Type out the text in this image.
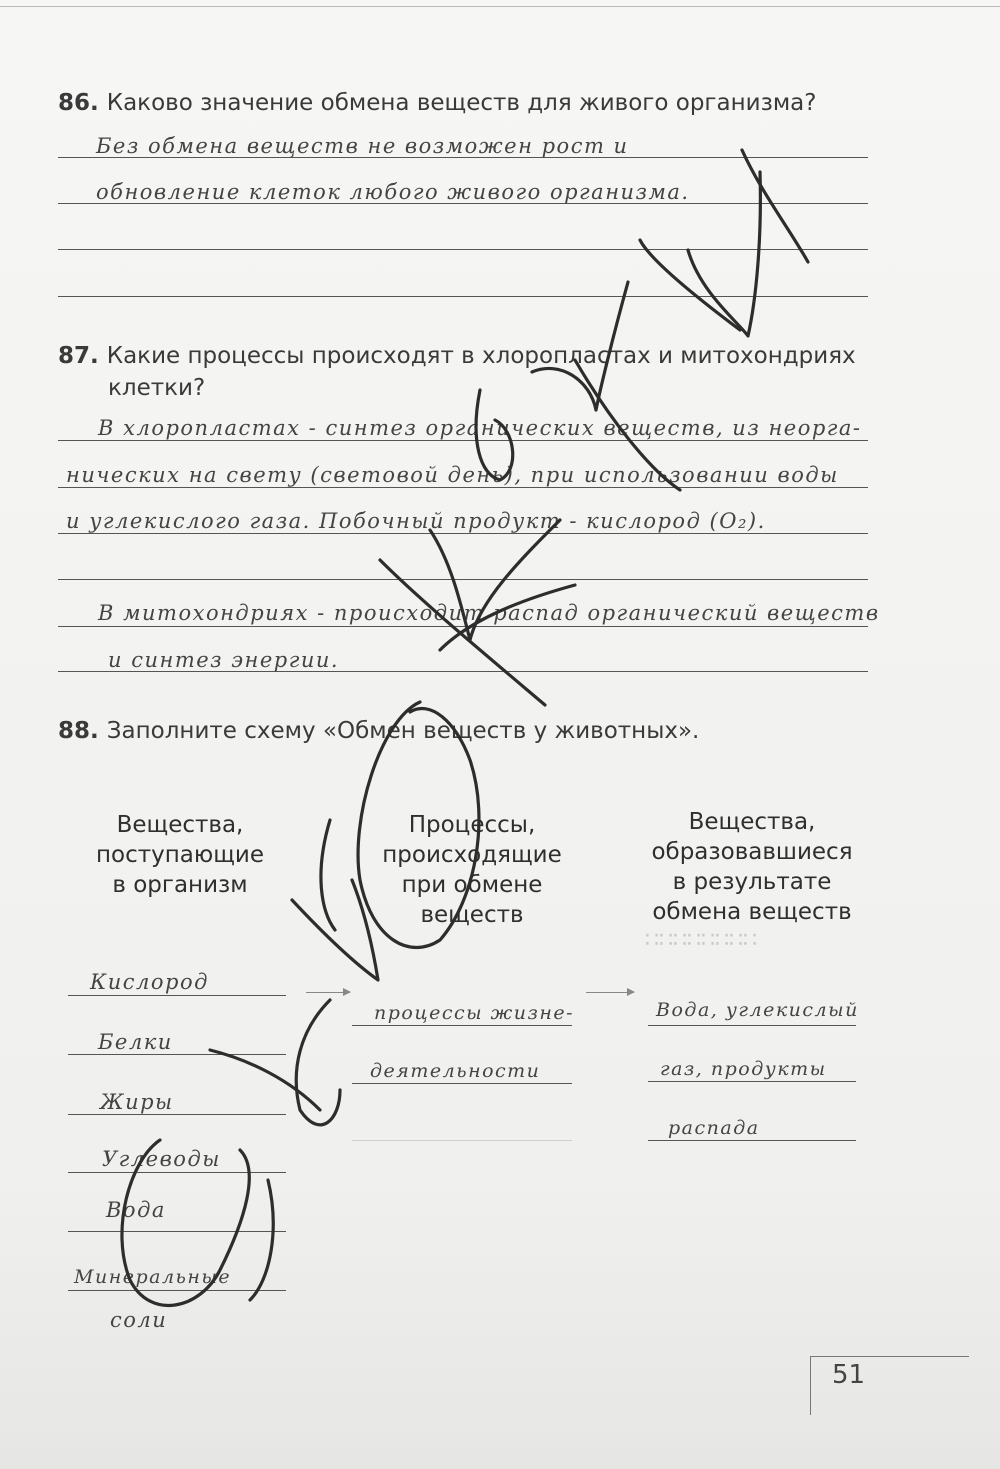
86. Каково значение обмена веществ для живого организма?
Без обмена веществ не возможен рост и
обновление клеток любого живого организма.
87. Какие процессы происходят в хлоропластах и митохондриях
клетки?
В хлоропластах - синтез органических веществ, из неорга-
нических на свету (световой день), при использовании воды
и углекислого газа. Побочный продукт - кислород (O₂).
В митохондриях - происходит распад органический веществ
и синтез энергии.
88. Заполните схему «Обмен веществ у животных».
∷∷∷∷∷∷∷∷
Вещества,
поступающие
в организм
Процессы,
происходящие
при обмене
веществ
Вещества,
образовавшиеся
в результате
обмена веществ
Кислород
Белки
Жиры
Углеводы
Вода
Минеральные
соли
процессы жизне-
деятельности
Вода, углекислый
газ, продукты
распада
51
